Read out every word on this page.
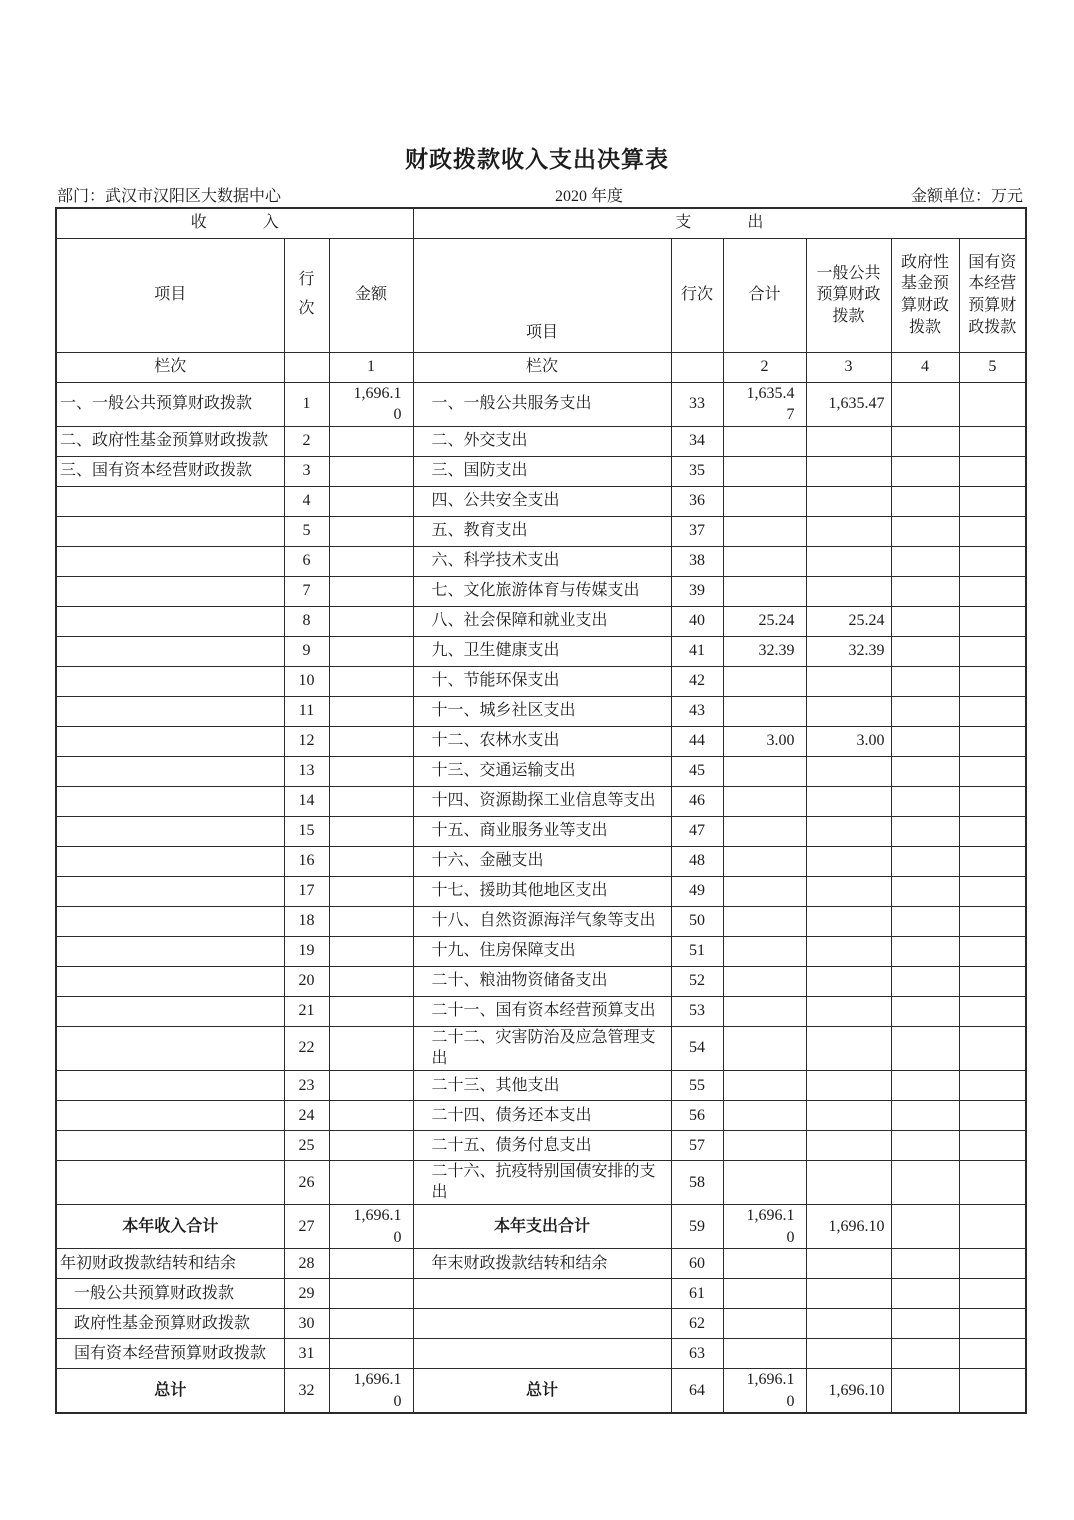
财政拨款收入支出决算表
部门：武汉市汉阳区大数据中心	2020 年度	金额单位：万元
收入			支出					
项目	行次	金额	项目	行次	合计	一般公共预算财政拨款	政府性基金预算财政拨款	国有资本经营预算财政拨款
栏次		1	栏次		2	3	4	5
一、一般公共预算财政拨款	1	1,696.10	一、一般公共服务支出	33	1,635.47	1,635.47		
二、政府性基金预算财政拨款	2		二、外交支出	34				
三、国有资本经营财政拨款	3		三、国防支出	35				
	4		四、公共安全支出	36				
	5		五、教育支出	37				
	6		六、科学技术支出	38				
	7		七、文化旅游体育与传媒支出	39				
	8		八、社会保障和就业支出	40	25.24	25.24		
	9		九、卫生健康支出	41	32.39	32.39		
	10		十、节能环保支出	42				
	11		十一、城乡社区支出	43				
	12		十二、农林水支出	44	3.00	3.00		
	13		十三、交通运输支出	45				
	14		十四、资源勘探工业信息等支出	46				
	15		十五、商业服务业等支出	47				
	16		十六、金融支出	48				
	17		十七、援助其他地区支出	49				
	18		十八、自然资源海洋气象等支出	50				
	19		十九、住房保障支出	51				
	20		二十、粮油物资储备支出	52				
	21		二十一、国有资本经营预算支出	53				
	22		二十二、灾害防治及应急管理支出	54				
	23		二十三、其他支出	55				
	24		二十四、债务还本支出	56				
	25		二十五、债务付息支出	57				
	26		二十六、抗疫特别国债安排的支出	58				
本年收入合计	27	1,696.10	本年支出合计	59	1,696.10	1,696.10		
年初财政拨款结转和结余	28		年末财政拨款结转和结余	60				
一般公共预算财政拨款	29			61				
政府性基金预算财政拨款	30			62				
国有资本经营预算财政拨款	31			63				
总计	32	1,696.10	总计	64	1,696.10	1,696.10		
